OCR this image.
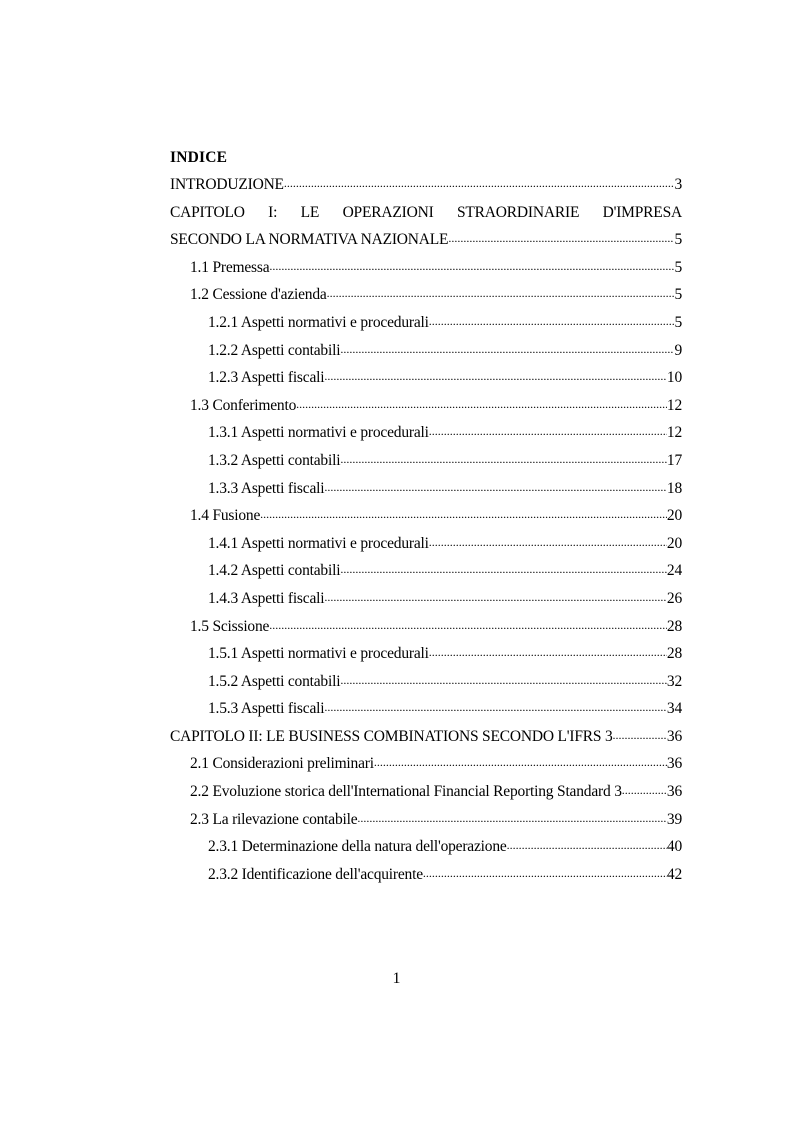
INDICE
INTRODUZIONE .....	3
CAPITOLO I: LE OPERAZIONI STRAORDINARIE D'IMPRESA
SECONDO LA NORMATIVA NAZIONALE .....	5
1.1 Premessa .....	5
1.2 Cessione d'azienda .....	5
1.2.1 Aspetti normativi e procedurali .....	5
1.2.2 Aspetti contabili .....	9
1.2.3 Aspetti fiscali .....	10
1.3 Conferimento .....	12
1.3.1 Aspetti normativi e procedurali .....	12
1.3.2 Aspetti contabili .....	17
1.3.3 Aspetti fiscali .....	18
1.4 Fusione .....	20
1.4.1 Aspetti normativi e procedurali .....	20
1.4.2 Aspetti contabili .....	24
1.4.3 Aspetti fiscali .....	26
1.5 Scissione .....	28
1.5.1 Aspetti normativi e procedurali .....	28
1.5.2 Aspetti contabili .....	32
1.5.3 Aspetti fiscali .....	34
CAPITOLO II: LE BUSINESS COMBINATIONS SECONDO L'IFRS 3 .....	36
2.1 Considerazioni preliminari .....	36
2.2 Evoluzione storica dell'International Financial Reporting Standard 3 .....	36
2.3 La rilevazione contabile .....	39
2.3.1 Determinazione della natura dell'operazione .....	40
2.3.2 Identificazione dell'acquirente .....	42
1
